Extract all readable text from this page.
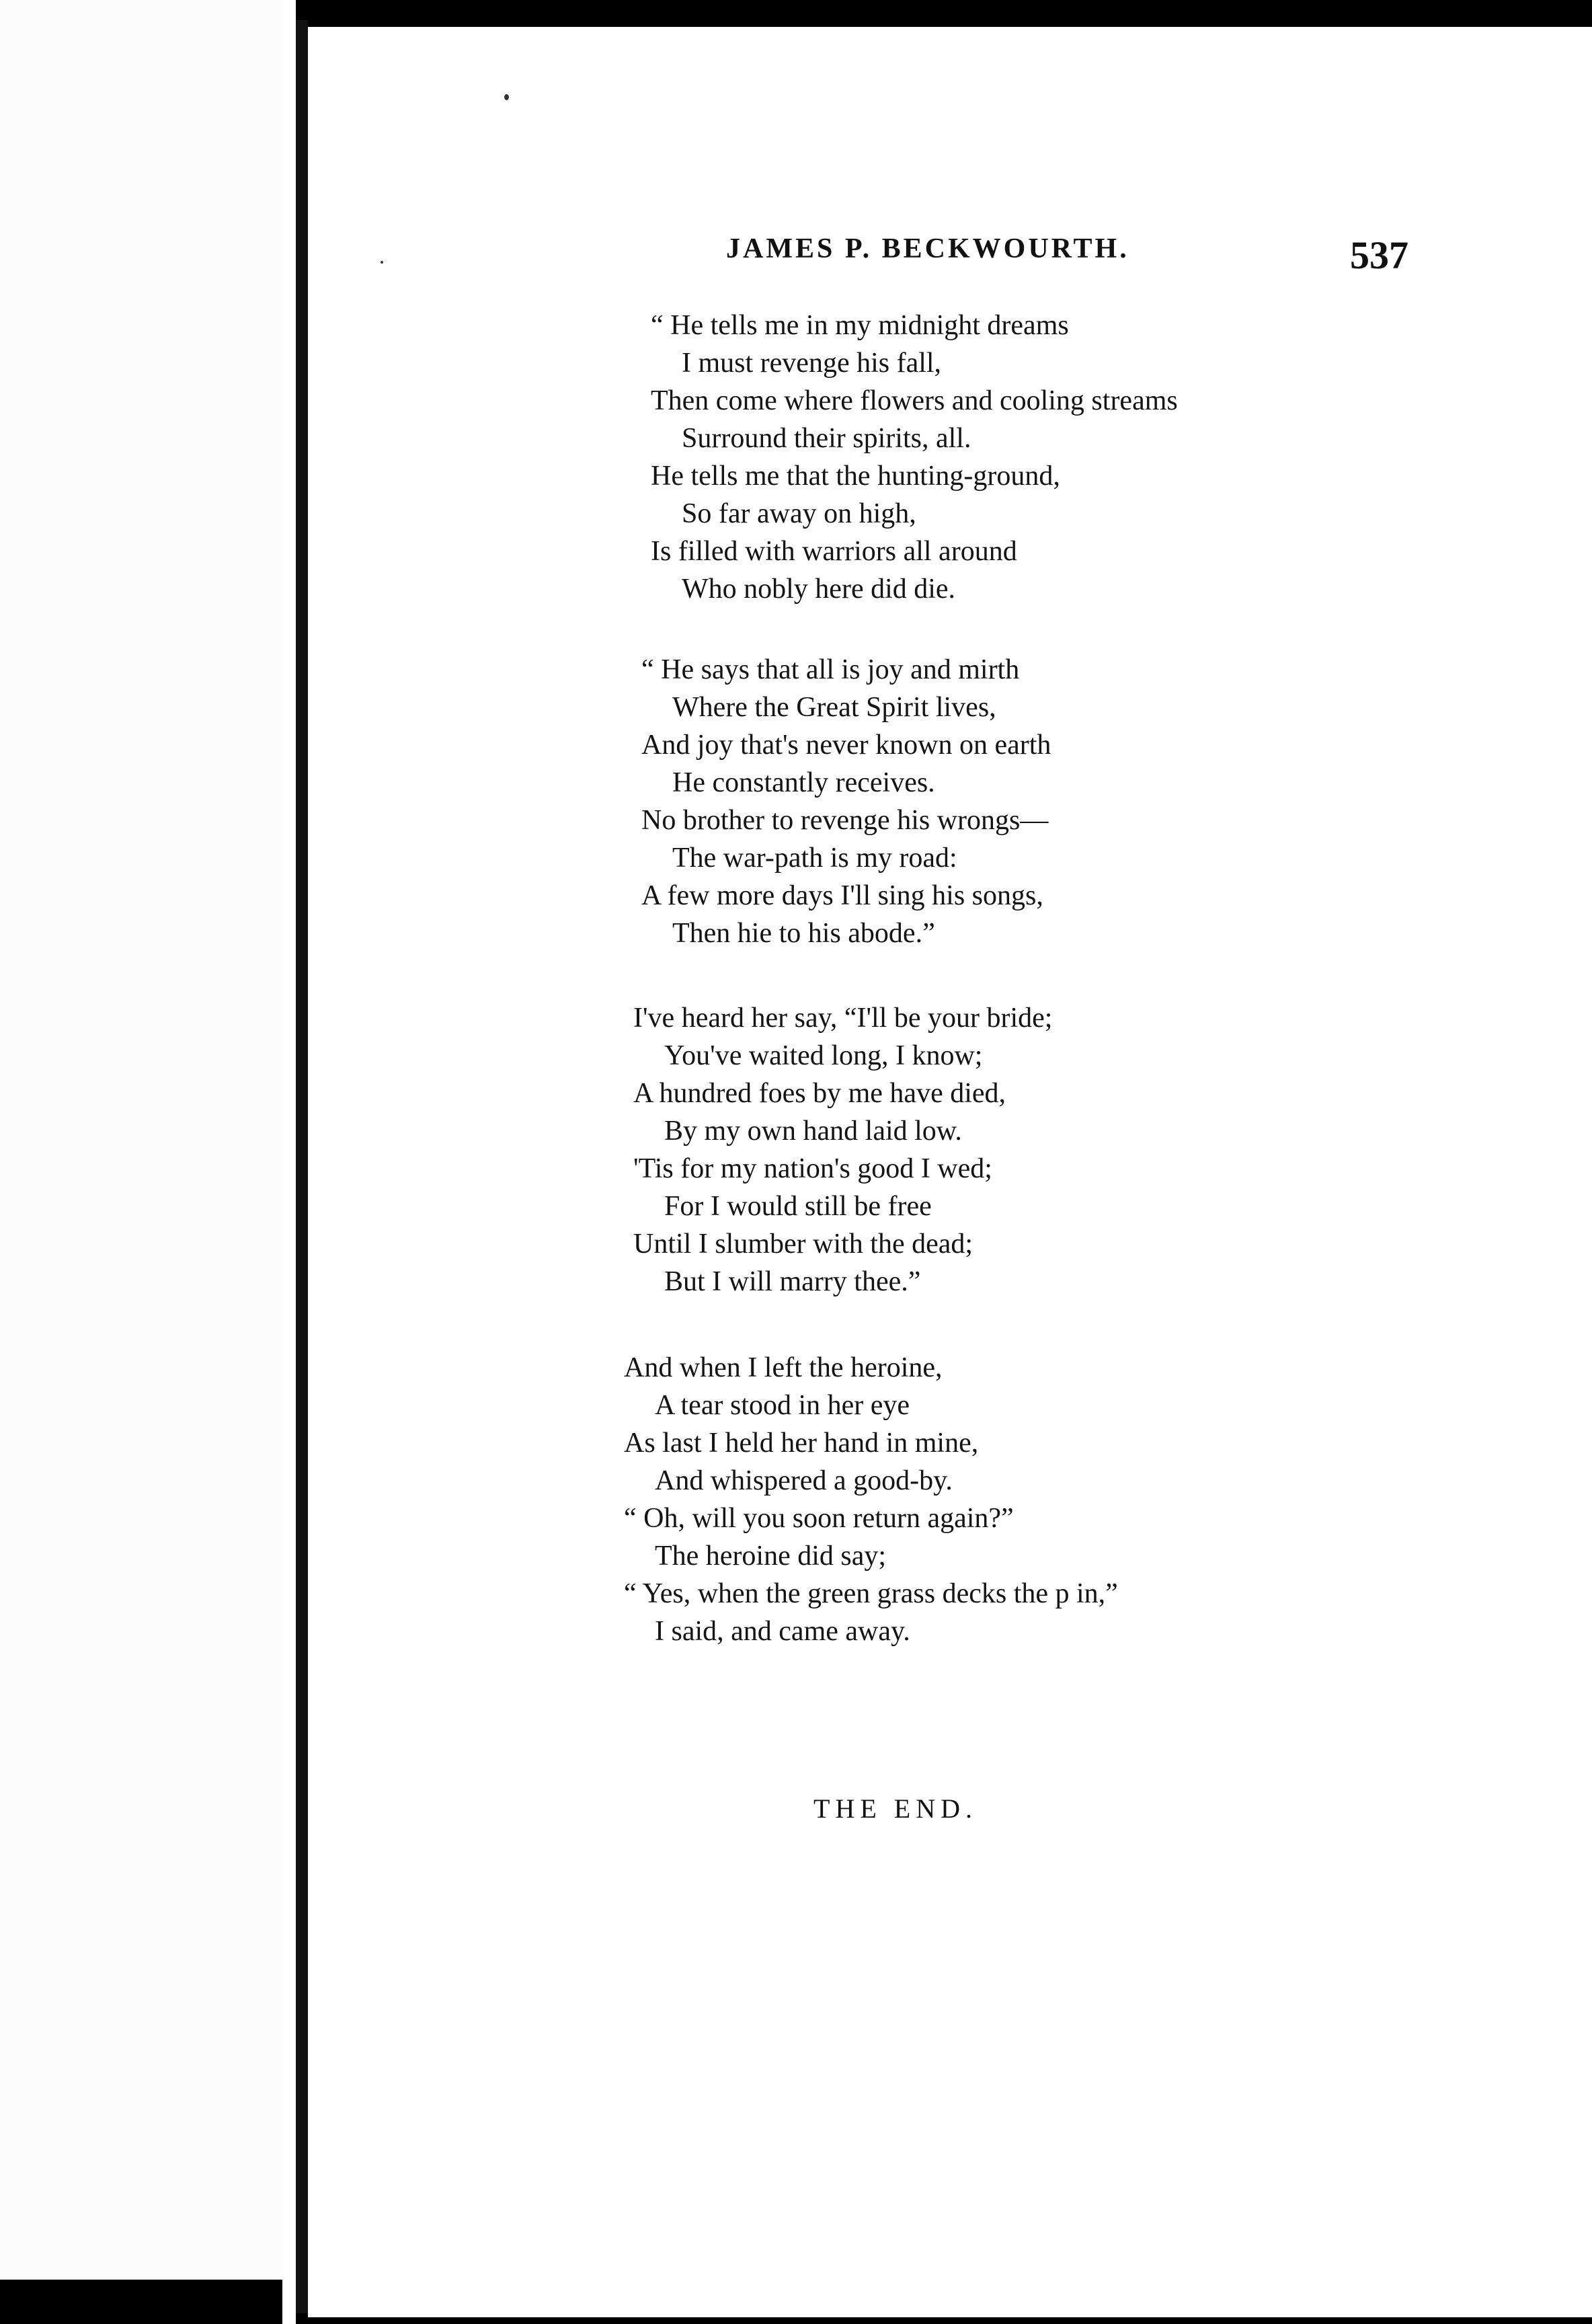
JAMES P. BECKWOURTH.	537
“ He tells me in my midnight dreams
I must revenge his fall,
Then come where flowers and cooling streams
Surround their spirits, all.
He tells me that the hunting-ground,
So far away on high,
Is filled with warriors all around
Who nobly here did die.
“ He says that all is joy and mirth
Where the Great Spirit lives,
And joy that's never known on earth
He constantly receives.
No brother to revenge his wrongs—
The war-path is my road:
A few more days I'll sing his songs,
Then hie to his abode.”
I've heard her say, “I'll be your bride;
You've waited long, I know;
A hundred foes by me have died,
By my own hand laid low.
'Tis for my nation's good I wed;
For I would still be free
Until I slumber with the dead;
But I will marry thee.”
And when I left the heroine,
A tear stood in her eye
As last I held her hand in mine,
And whispered a good-by.
“ Oh, will you soon return again?”
The heroine did say;
“ Yes, when the green grass decks the p in,”
I said, and came away.
THE END.
